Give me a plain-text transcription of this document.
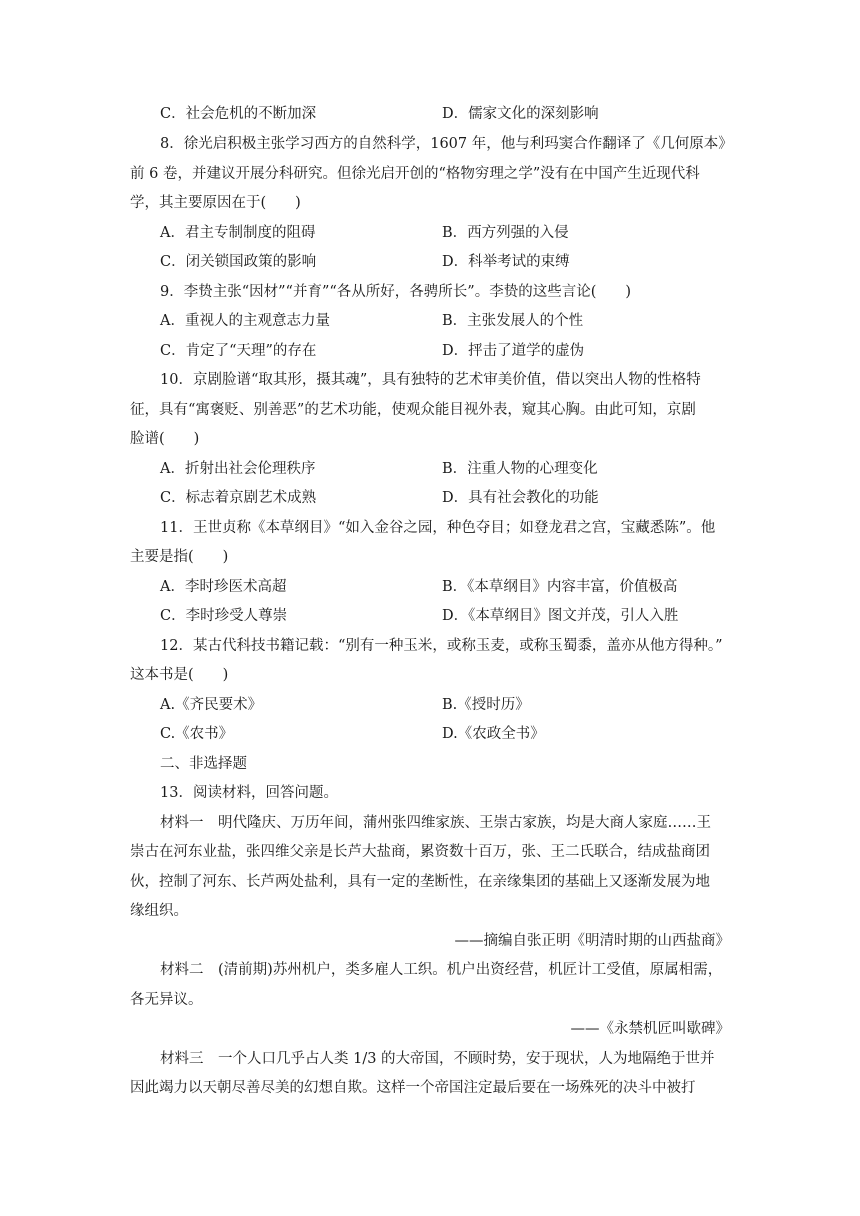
C．社会危机的不断加深	D．儒家文化的深刻影响
8．徐光启积极主张学习西方的自然科学，1607 年，他与利玛窦合作翻译了《几何原本》
前 6 卷，并建议开展分科研究。但徐光启开创的“格物穷理之学”没有在中国产生近现代科
学，其主要原因在于(　　)
A．君主专制制度的阻碍	B．西方列强的入侵
C．闭关锁国政策的影响	D．科举考试的束缚
9．李贽主张“因材”“并育”“各从所好，各骋所长”。李贽的这些言论(　　)
A．重视人的主观意志力量	B．主张发展人的个性
C．肯定了“天理”的存在	D．抨击了道学的虚伪
10．京剧脸谱“取其形，摄其魂”，具有独特的艺术审美价值，借以突出人物的性格特
征，具有“寓褒贬、别善恶”的艺术功能，使观众能目视外表，窥其心胸。由此可知，京剧
脸谱(　　)
A．折射出社会伦理秩序	B．注重人物的心理变化
C．标志着京剧艺术成熟	D．具有社会教化的功能
11．王世贞称《本草纲目》“如入金谷之园，种色夺目；如登龙君之宫，宝藏悉陈”。他
主要是指(　　)
A．李时珍医术高超	B．《本草纲目》内容丰富，价值极高
C．李时珍受人尊崇	D．《本草纲目》图文并茂，引人入胜
12．某古代科技书籍记载：“别有一种玉米，或称玉麦，或称玉蜀黍，盖亦从他方得种。”
这本书是(　　)
A.《齐民要术》	B.《授时历》
C.《农书》	D.《农政全书》
二、非选择题
13．阅读材料，回答问题。
材料一　明代隆庆、万历年间，蒲州张四维家族、王崇古家族，均是大商人家庭……王
崇古在河东业盐，张四维父亲是长芦大盐商，累资数十百万，张、王二氏联合，结成盐商团
伙，控制了河东、长芦两处盐利，具有一定的垄断性，在亲缘集团的基础上又逐渐发展为地
缘组织。
——摘编自张正明《明清时期的山西盐商》
材料二　(清前期)苏州机户，类多雇人工织。机户出资经营，机匠计工受值，原属相需，
各无异议。
——《永禁机匠叫歇碑》
材料三　一个人口几乎占人类 1/3 的大帝国，不顾时势，安于现状，人为地隔绝于世并
因此竭力以天朝尽善尽美的幻想自欺。这样一个帝国注定最后要在一场殊死的决斗中被打
